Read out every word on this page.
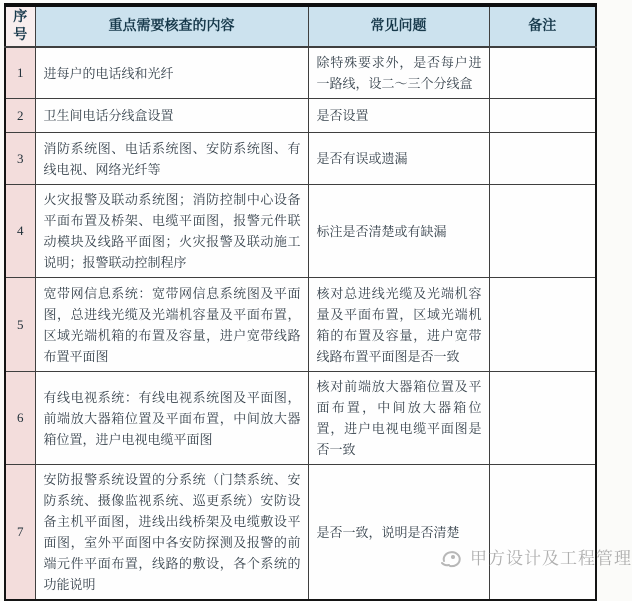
序
号	重点需要核查的内容	常见问题	备注
1	进每户的电话线和光纤	除特殊要求外，是否每户进一路线，设二～三个分线盒	
2	卫生间电话分线盒设置	是否设置	
3	消防系统图、电话系统图、安防系统图、有线电视、网络光纤等	是否有误或遗漏	
4	火灾报警及联动系统图；消防控制中心设备平面布置及桥架、电缆平面图，报警元件联动模块及线路平面图；火灾报警及联动施工说明；报警联动控制程序	标注是否清楚或有缺漏	
5	宽带网信息系统：宽带网信息系统图及平面图，总进线光缆及光端机容量及平面布置，区域光端机箱的布置及容量，进户宽带线路布置平面图	核对总进线光缆及光端机容量及平面布置，区域光端机箱的布置及容量，进户宽带线路布置平面图是否一致	
6	有线电视系统：有线电视系统图及平面图，前端放大器箱位置及平面布置，中间放大器箱位置，进户电视电缆平面图	核对前端放大器箱位置及平面布置，中间放大器箱位置，进户电视电缆平面图是否一致	
7	安防报警系统设置的分系统（门禁系统、安防系统、摄像监视系统、巡更系统）安防设备主机平面图，进线出线桥架及电缆敷设平面图，室外平面图中各安防探测及报警的前端元件平面布置，线路的敷设，各个系统的功能说明	是否一致，说明是否清楚	
甲方设计及工程管理
